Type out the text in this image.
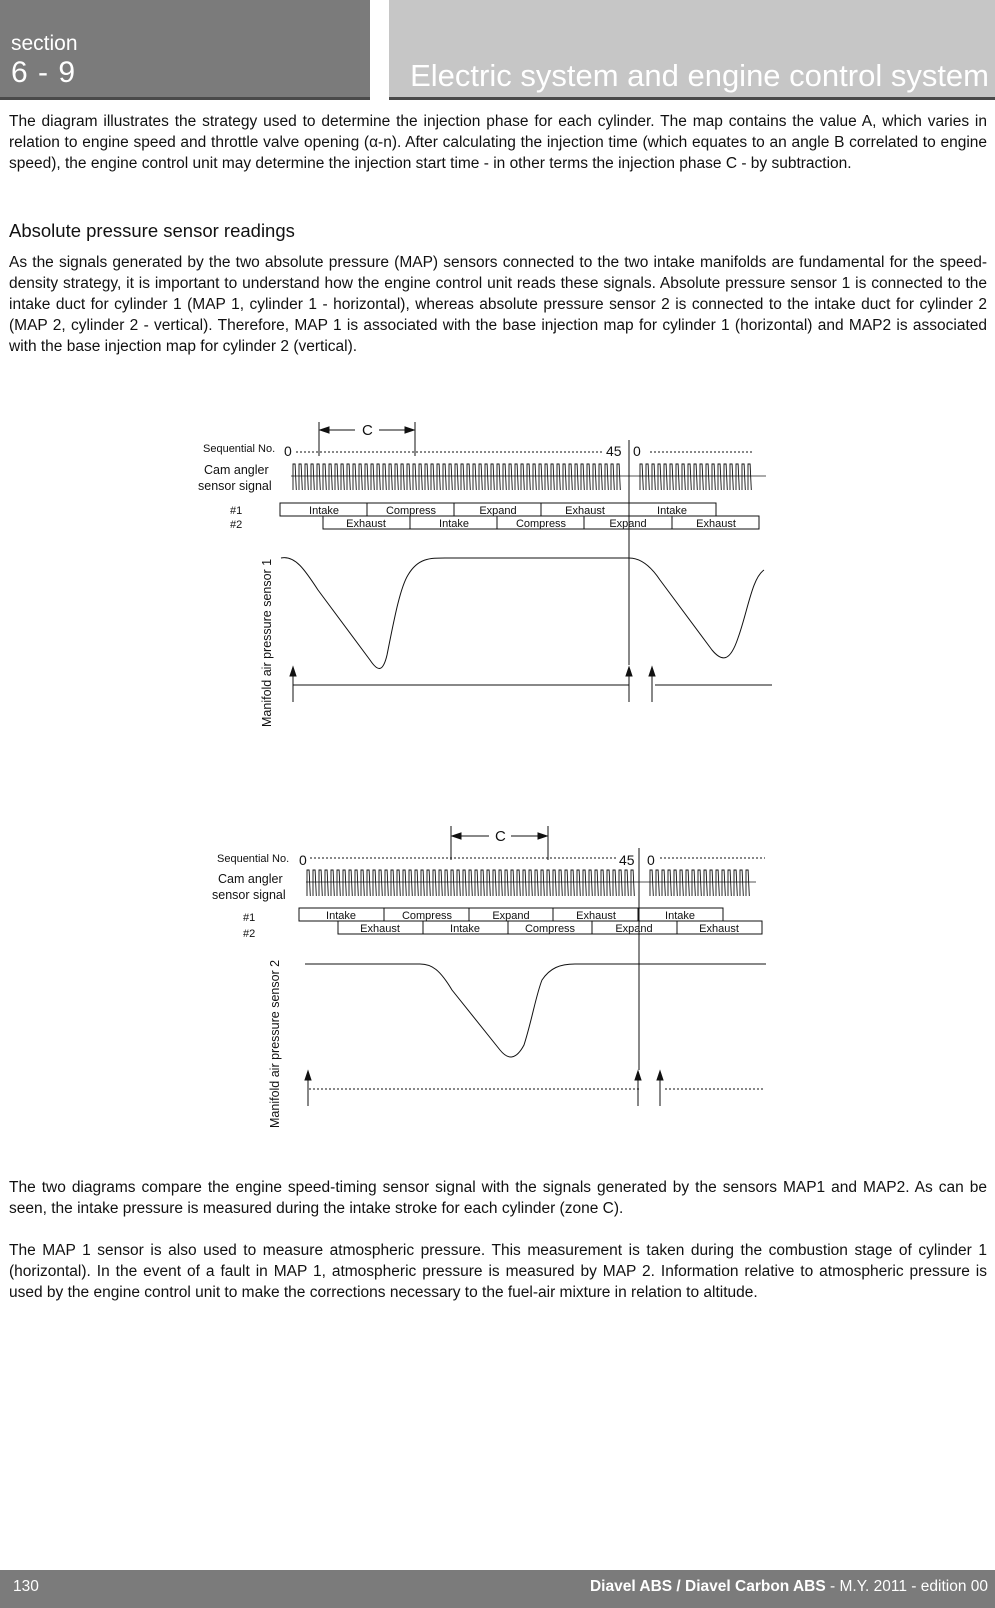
section
6 - 9	Electric system and engine control system

The diagram illustrates the strategy used to determine the injection phase for each cylinder. The map contains the value A, which varies in relation to engine speed and throttle valve opening (α-n). After calculating the injection time (which equates to an angle B correlated to engine speed), the engine control unit may determine the injection start time - in other terms the injection phase C - by subtraction.

Absolute pressure sensor readings

As the signals generated by the two absolute pressure (MAP) sensors connected to the two intake manifolds are fundamental for the speed-density strategy, it is important to understand how the engine control unit reads these signals. Absolute pressure sensor 1 is connected to the intake duct for cylinder 1 (MAP 1, cylinder 1 - horizontal), whereas absolute pressure sensor 2 is connected to the intake duct for cylinder 2 (MAP 2, cylinder 2 - vertical). Therefore, MAP 1 is associated with the base injection map for cylinder 1 (horizontal) and MAP2 is associated with the base injection map for cylinder 2 (vertical).

C
Sequential No. 0	45 0
Cam angler
sensor signal
#1
#2
Intake	Compress	Expand	Exhaust	Intake
Exhaust	Intake	Compress	Expand	Exhaust
Manifold air pressure sensor 1
C
Sequential No. 0	45 0
Cam angler
sensor signal
#1
#2
Intake	Compress	Expand	Exhaust	Intake
Exhaust	Intake	Compress	Expand	Exhaust
Manifold air pressure sensor 2

The two diagrams compare the engine speed-timing sensor signal with the signals generated by the sensors MAP1 and MAP2. As can be seen, the intake pressure is measured during the intake stroke for each cylinder (zone C).

The MAP 1 sensor is also used to measure atmospheric pressure. This measurement is taken during the combustion stage of cylinder 1 (horizontal). In the event of a fault in MAP 1, atmospheric pressure is measured by MAP 2. Information relative to atmospheric pressure is used by the engine control unit to make the corrections necessary to the fuel-air mixture in relation to altitude.

130	Diavel ABS / Diavel Carbon ABS - M.Y. 2011 - edition 00
